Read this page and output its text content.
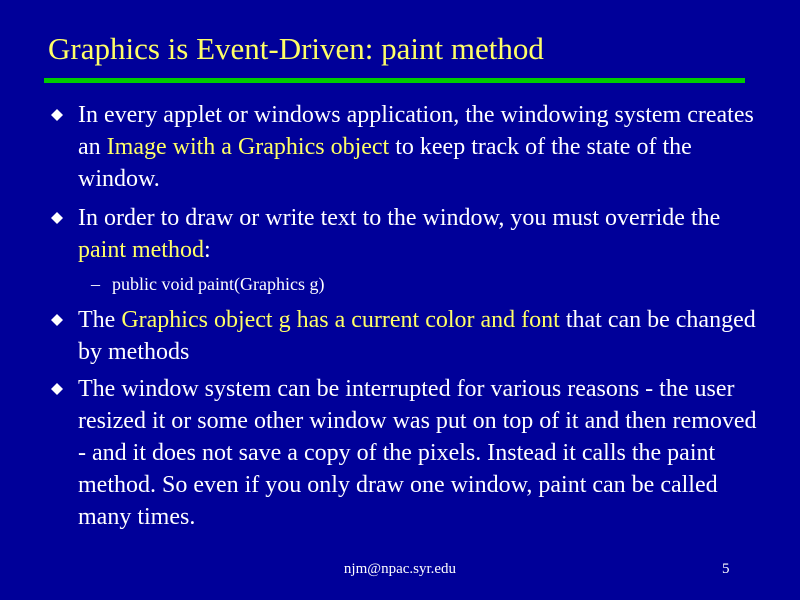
Graphics is Event-Driven: paint method
In every applet or windows application, the windowing system creates an Image with a Graphics object to keep track of the state of the window.
In order to draw or write text to the window, you must override the paint method:
– public void paint(Graphics g)
The Graphics object g has a current color and font that can be changed by methods
The window system can be interrupted for various reasons - the user resized it or some other window was put on top of it and then removed - and it does not save a copy of the pixels. Instead it calls the paint method. So even if you only draw one window, paint can be called many times.
njm@npac.syr.edu	5
